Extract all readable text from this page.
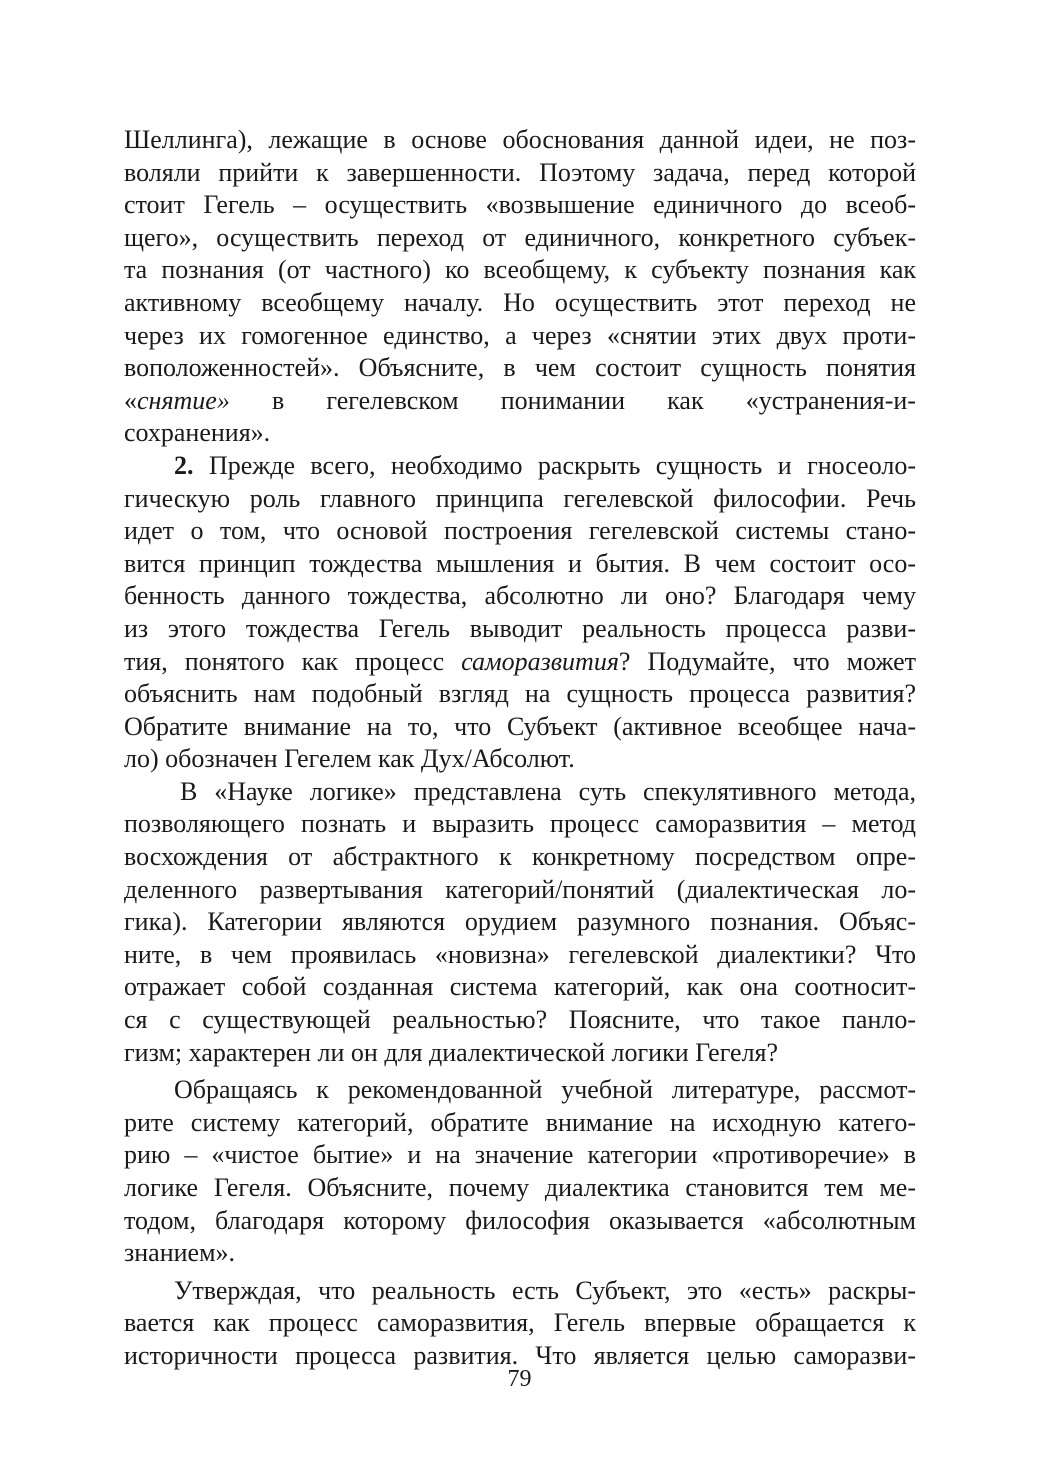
Шеллинга), лежащие в основе обоснования данной идеи, не поз-
воляли прийти к завершенности. Поэтому задача, перед которой
стоит Гегель – осуществить «возвышение единичного до всеоб-
щего», осуществить переход от единичного, конкретного субъек-
та познания (от частного) ко всеобщему, к субъекту познания как
активному всеобщему началу. Но осуществить этот переход не
через их гомогенное единство, а через «снятии этих двух проти-
воположенностей». Объясните, в чем состоит сущность понятия
«снятие» в гегелевском понимании как «устранения-и-
сохранения».
2. Прежде всего, необходимо раскрыть сущность и гносеоло-
гическую роль главного принципа гегелевской философии. Речь
идет о том, что основой построения гегелевской системы стано-
вится принцип тождества мышления и бытия. В чем состоит осо-
бенность данного тождества, абсолютно ли оно? Благодаря чему
из этого тождества Гегель выводит реальность процесса разви-
тия, понятого как процесс саморазвития? Подумайте, что может
объяснить нам подобный взгляд на сущность процесса развития?
Обратите внимание на то, что Субъект (активное всеобщее нача-
ло) обозначен Гегелем как Дух/Абсолют.
В «Науке логике» представлена суть спекулятивного метода,
позволяющего познать и выразить процесс саморазвития – метод
восхождения от абстрактного к конкретному посредством опре-
деленного развертывания категорий/понятий (диалектическая ло-
гика). Категории являются орудием разумного познания. Объяс-
ните, в чем проявилась «новизна» гегелевской диалектики? Что
отражает собой созданная система категорий, как она соотносит-
ся с существующей реальностью? Поясните, что такое панло-
гизм; характерен ли он для диалектической логики Гегеля?
Обращаясь к рекомендованной учебной литературе, рассмот-
рите систему категорий, обратите внимание на исходную катего-
рию – «чистое бытие» и на значение категории «противоречие» в
логике Гегеля. Объясните, почему диалектика становится тем ме-
тодом, благодаря которому философия оказывается «абсолютным
знанием».
Утверждая, что реальность есть Субъект, это «есть» раскры-
вается как процесс саморазвития, Гегель впервые обращается к
историчности процесса развития. Что является целью саморазви-
79
